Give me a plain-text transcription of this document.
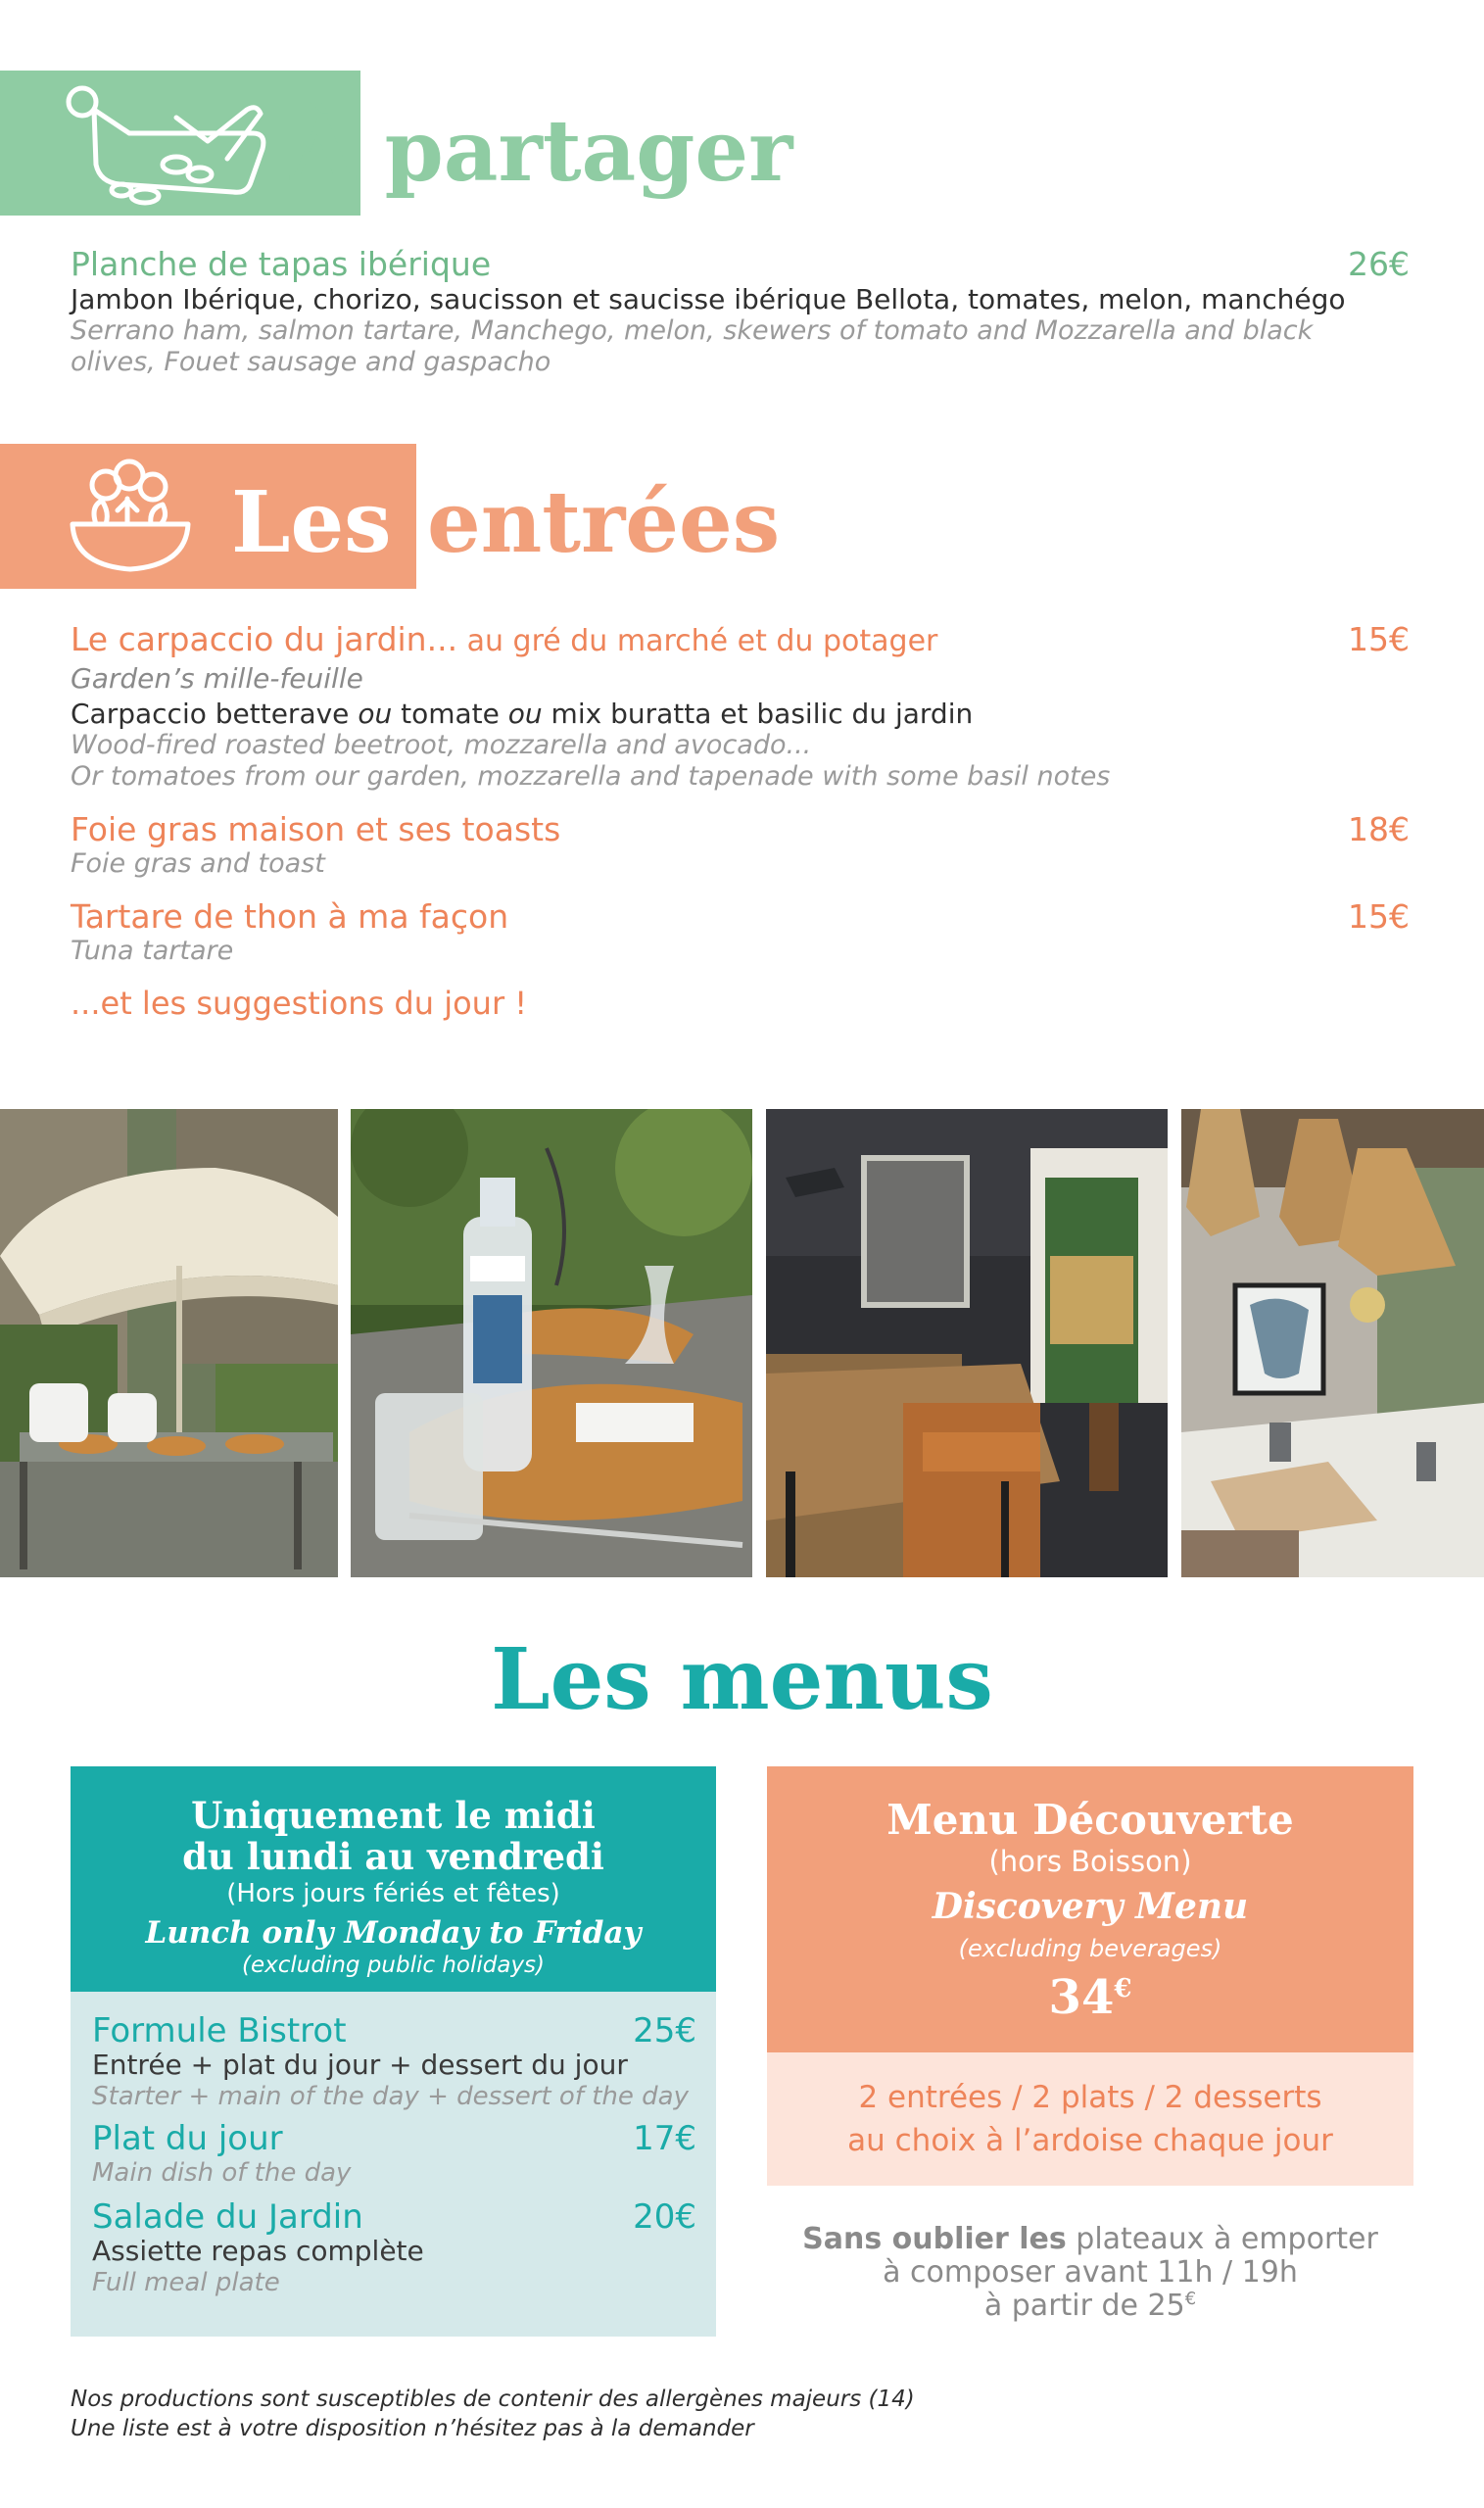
À partager
Planche de tapas ibérique	26€
Jambon Ibérique, chorizo, saucisson et saucisse ibérique Bellota, tomates, melon, manchégo
Serrano ham, salmon tartare, Manchego, melon, skewers of tomato and Mozzarella and black
olives, Fouet sausage and gaspacho
Les entrées
Le carpaccio du jardin... au gré du marché et du potager	15€
Garden’s mille-feuille
Carpaccio betterave ou tomate ou mix buratta et basilic du jardin
Wood-fired roasted beetroot, mozzarella and avocado...
Or tomatoes from our garden, mozzarella and tapenade with some basil notes
Foie gras maison et ses toasts	18€
Foie gras and toast
Tartare de thon à ma façon	15€
Tuna tartare
...et les suggestions du jour !
Les menus
Uniquement le midi
du lundi au vendredi
(Hors jours fériés et fêtes)
Lunch only Monday to Friday
(excluding public holidays)
Formule Bistrot	25€
Entrée + plat du jour + dessert du jour
Starter + main of the day + dessert of the day
Plat du jour	17€
Main dish of the day
Salade du Jardin	20€
Assiette repas complète
Full meal plate
Menu Découverte
(hors Boisson)
Discovery Menu
(excluding beverages)
34€
2 entrées / 2 plats / 2 desserts
au choix à l’ardoise chaque jour
Sans oublier les plateaux à emporter
à composer avant 11h / 19h
à partir de 25€
Nos productions sont susceptibles de contenir des allergènes majeurs (14)
Une liste est à votre disposition n’hésitez pas à la demander
